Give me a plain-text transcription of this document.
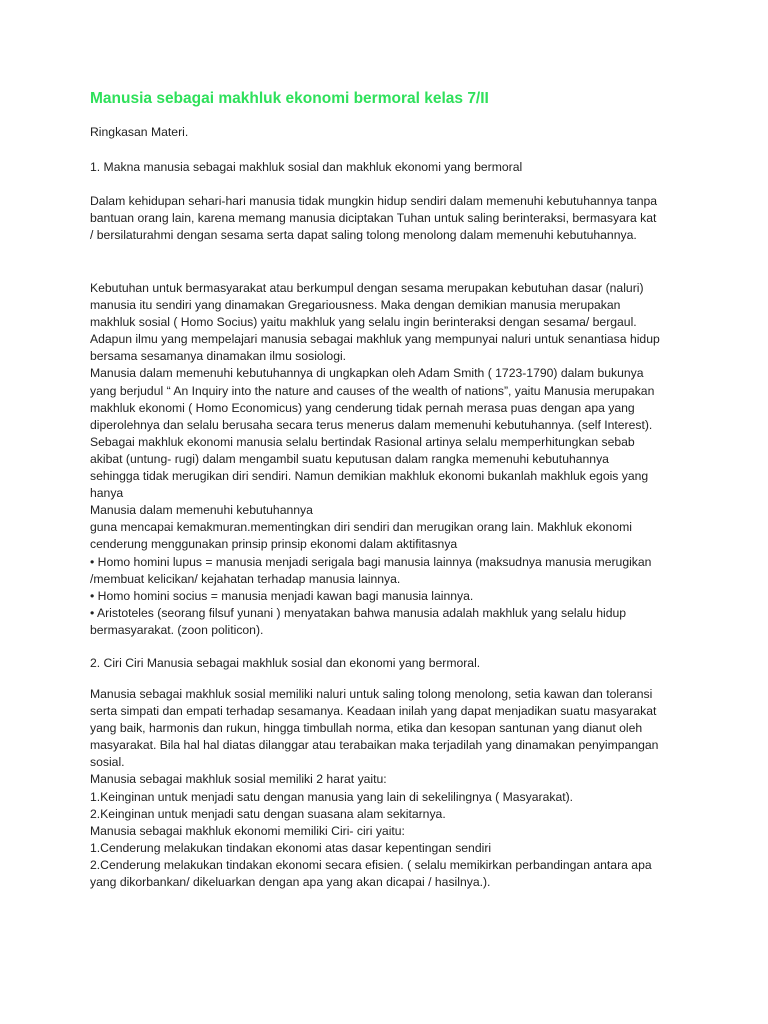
Manusia sebagai makhluk ekonomi bermoral kelas 7/II

Ringkasan Materi.

1. Makna manusia sebagai makhluk sosial dan makhluk ekonomi yang bermoral

Dalam kehidupan sehari-hari manusia tidak mungkin hidup sendiri dalam memenuhi kebutuhannya tanpa
bantuan orang lain, karena memang manusia diciptakan Tuhan untuk saling berinteraksi, bermasyara kat
/ bersilaturahmi dengan sesama serta dapat saling tolong menolong dalam memenuhi kebutuhannya.
Kebutuhan untuk bermasyarakat atau berkumpul dengan sesama merupakan kebutuhan dasar (naluri)
manusia itu sendiri yang dinamakan Gregariousness. Maka dengan demikian manusia merupakan
makhluk sosial ( Homo Socius) yaitu makhluk yang selalu ingin berinteraksi dengan sesama/ bergaul.
Adapun ilmu yang mempelajari manusia sebagai makhluk yang mempunyai naluri untuk senantiasa hidup
bersama sesamanya dinamakan ilmu sosiologi.
Manusia dalam memenuhi kebutuhannya di ungkapkan oleh Adam Smith ( 1723-1790) dalam bukunya
yang berjudul “ An Inquiry into the nature and causes of the wealth of nations”, yaitu Manusia merupakan
makhluk ekonomi ( Homo Economicus) yang cenderung tidak pernah merasa puas dengan apa yang
diperolehnya dan selalu berusaha secara terus menerus dalam memenuhi kebutuhannya. (self Interest).
Sebagai makhluk ekonomi manusia selalu bertindak Rasional artinya selalu memperhitungkan sebab
akibat (untung- rugi) dalam mengambil suatu keputusan dalam rangka memenuhi kebutuhannya
sehingga tidak merugikan diri sendiri. Namun demikian makhluk ekonomi bukanlah makhluk egois yang
hanya
Manusia dalam memenuhi kebutuhannya
guna mencapai kemakmuran.mementingkan diri sendiri dan merugikan orang lain. Makhluk ekonomi
cenderung menggunakan prinsip prinsip ekonomi dalam aktifitasnya
• Homo homini lupus = manusia menjadi serigala bagi manusia lainnya (maksudnya manusia merugikan
/membuat kelicikan/ kejahatan terhadap manusia lainnya.
• Homo homini socius = manusia menjadi kawan bagi manusia lainnya.
• Aristoteles (seorang filsuf yunani ) menyatakan bahwa manusia adalah makhluk yang selalu hidup
bermasyarakat. (zoon politicon).

2. Ciri Ciri Manusia sebagai makhluk sosial dan ekonomi yang bermoral.

Manusia sebagai makhluk sosial memiliki naluri untuk saling tolong menolong, setia kawan dan toleransi
serta simpati dan empati terhadap sesamanya. Keadaan inilah yang dapat menjadikan suatu masyarakat
yang baik, harmonis dan rukun, hingga timbullah norma, etika dan kesopan santunan yang dianut oleh
masyarakat. Bila hal hal diatas dilanggar atau terabaikan maka terjadilah yang dinamakan penyimpangan
sosial.
Manusia sebagai makhluk sosial memiliki 2 harat yaitu:
1.Keinginan untuk menjadi satu dengan manusia yang lain di sekelilingnya ( Masyarakat).
2.Keinginan untuk menjadi satu dengan suasana alam sekitarnya.
Manusia sebagai makhluk ekonomi memiliki Ciri- ciri yaitu:
1.Cenderung melakukan tindakan ekonomi atas dasar kepentingan sendiri
2.Cenderung melakukan tindakan ekonomi secara efisien. ( selalu memikirkan perbandingan antara apa
yang dikorbankan/ dikeluarkan dengan apa yang akan dicapai / hasilnya.).
